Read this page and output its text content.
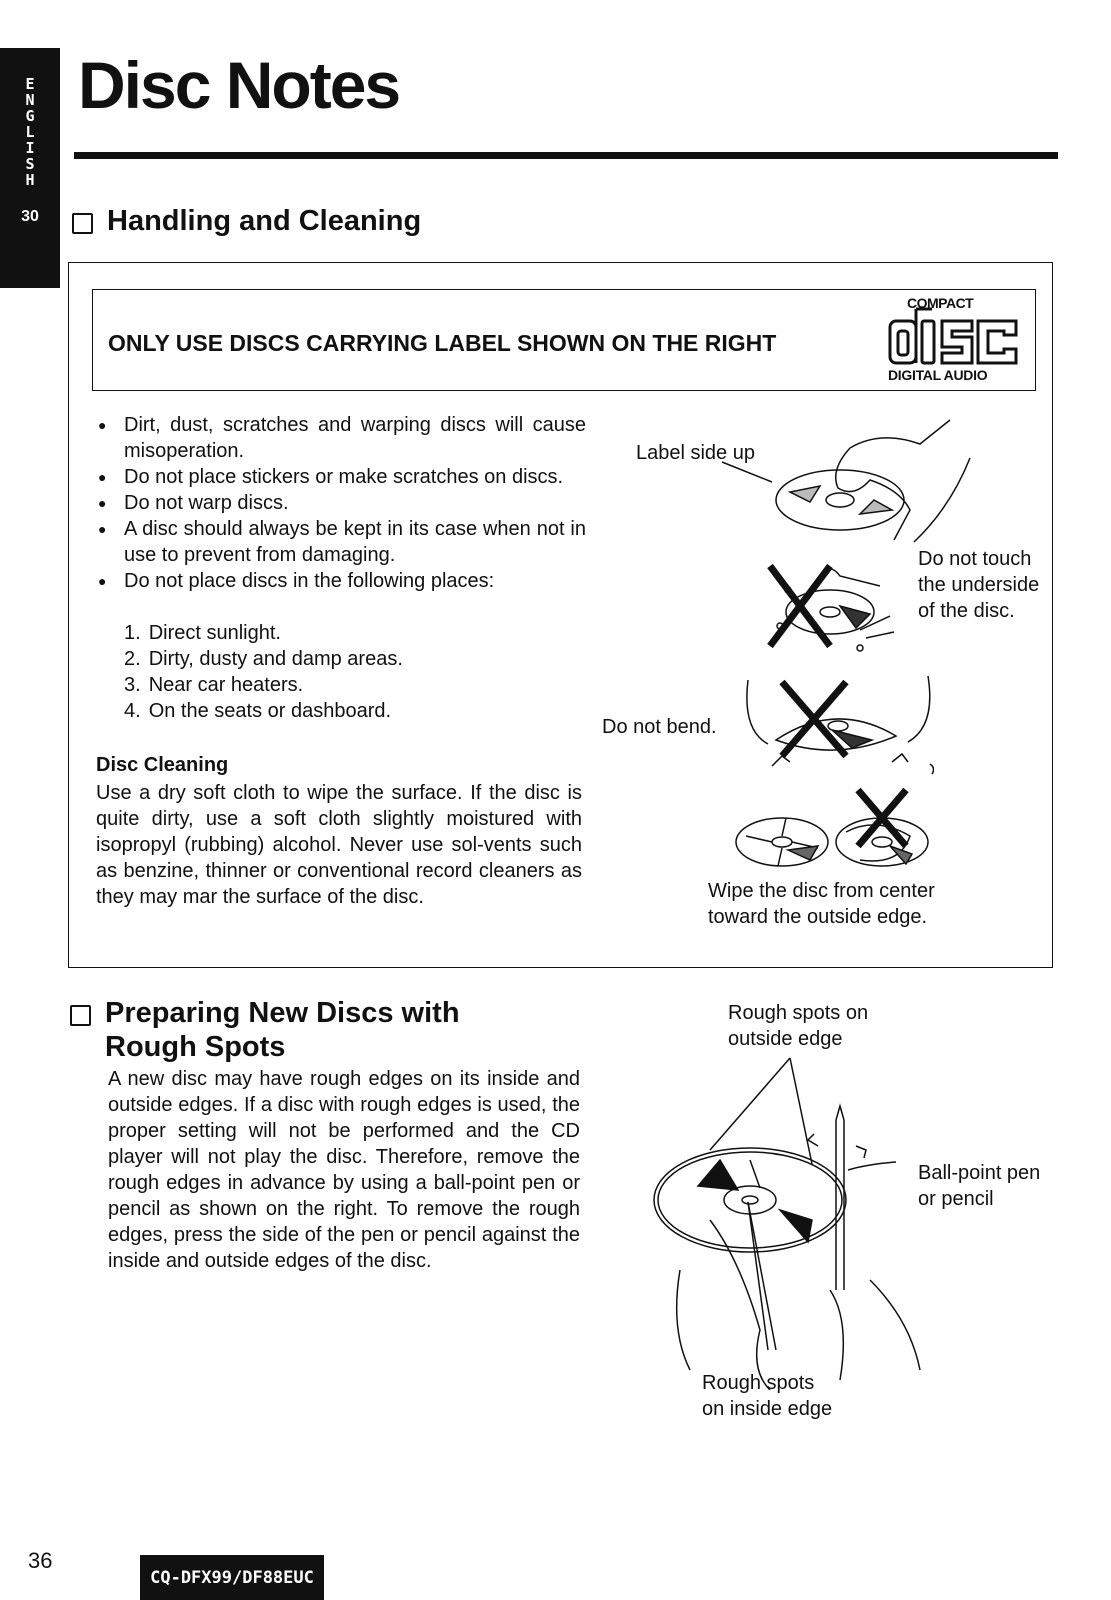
E
N
G
L
I
S
H
30
Disc Notes
Handling and Cleaning
ONLY USE DISCS CARRYING LABEL SHOWN ON THE RIGHT
COMPACT
DIGITAL AUDIO
● Dirt, dust, scratches and warping discs will cause misoperation.
● Do not place stickers or make scratches on discs.
● Do not warp discs.
● A disc should always be kept in its case when not in use to prevent from damaging.
● Do not place discs in the following places:
1. Direct sunlight.
2. Dirty, dusty and damp areas.
3. Near car heaters.
4. On the seats or dashboard.
Disc Cleaning
Use a dry soft cloth to wipe the surface. If the disc is quite dirty, use a soft cloth slightly moistured with isopropyl (rubbing) alcohol. Never use sol-vents such as benzine, thinner or conventional record cleaners as they may mar the surface of the disc.
Label side up
Do not touch
the underside
of the disc.
Do not bend.
Wipe the disc from center
toward the outside edge.
Preparing New Discs with
Rough Spots
A new disc may have rough edges on its inside and outside edges. If a disc with rough edges is used, the proper setting will not be performed and the CD player will not play the disc. Therefore, remove the rough edges in advance by using a ball-point pen or pencil as shown on the right. To remove the rough edges, press the side of the pen or pencil against the inside and outside edges of the disc.
Rough spots on
outside edge
Ball-point pen
or pencil
Rough spots
on inside edge
36
CQ-DFX99/DF88EUC
